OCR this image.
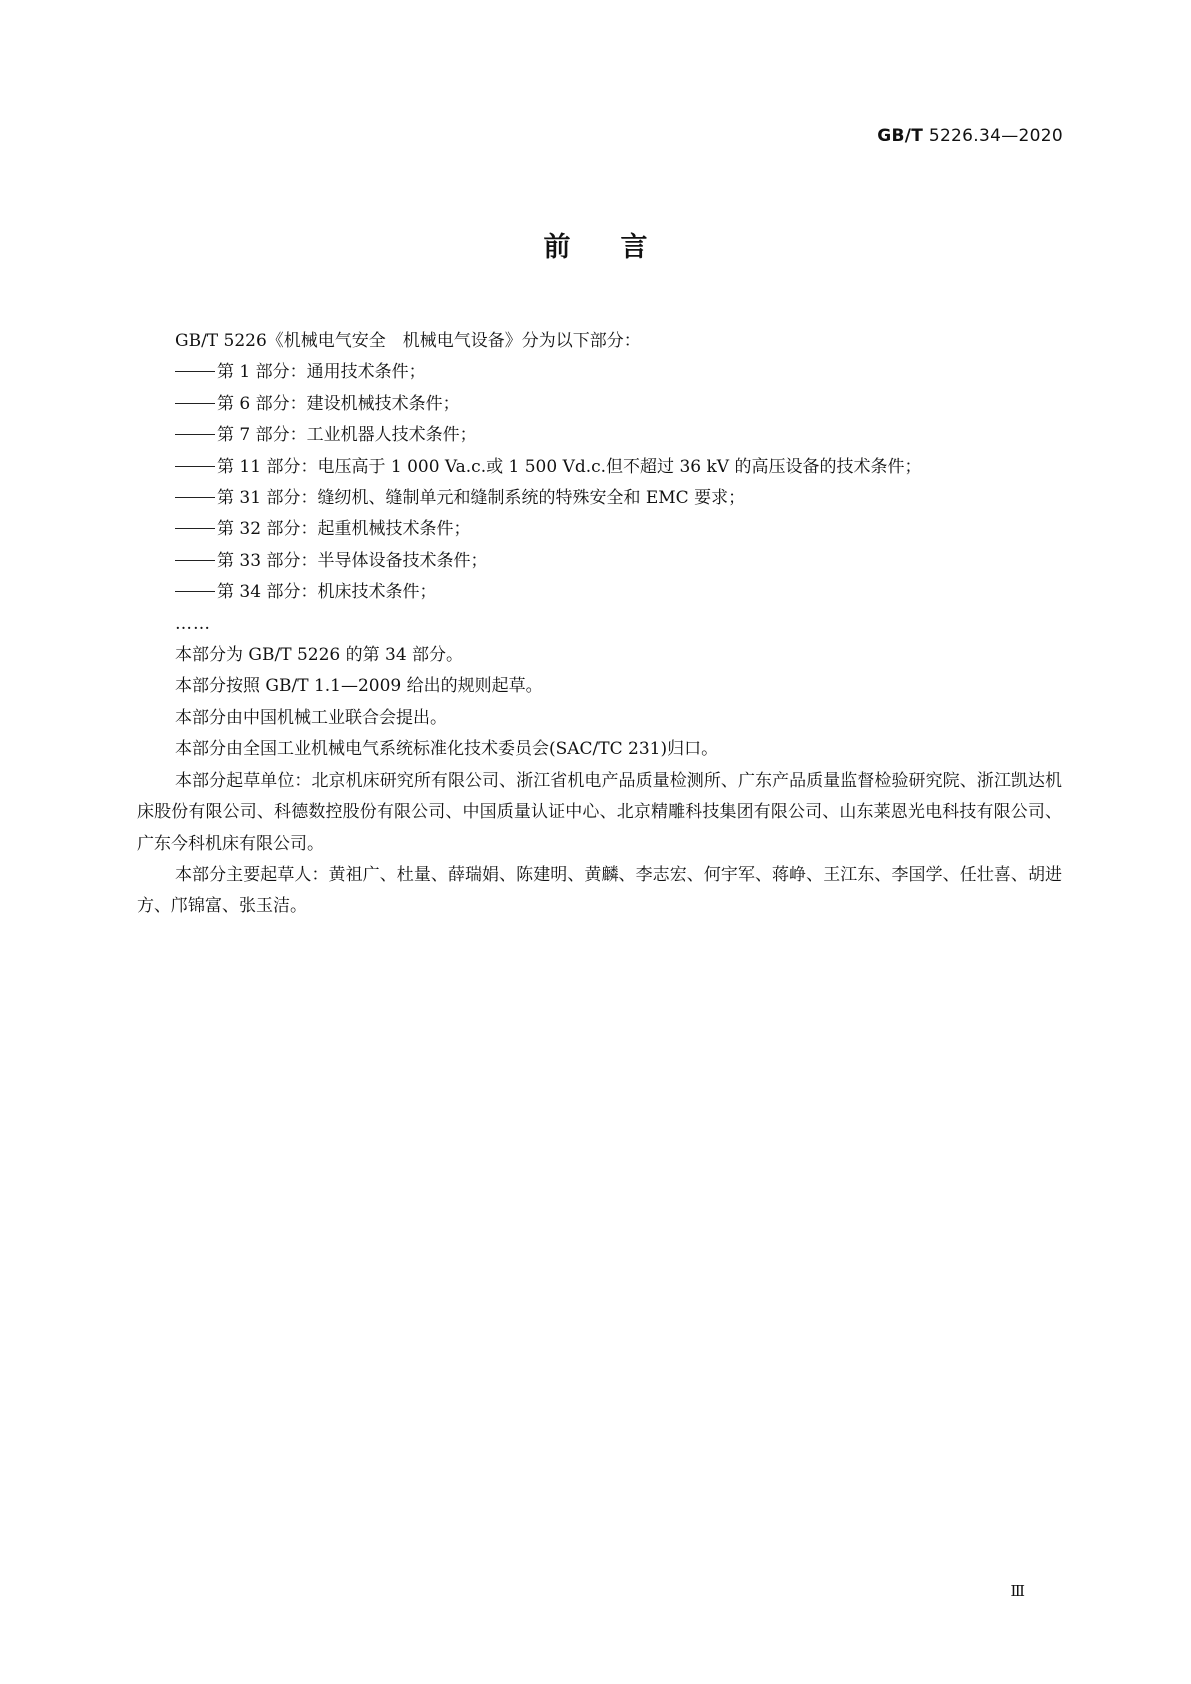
GB/T 5226.34—2020
前言

GB/T 5226《机械电气安全　机械电气设备》分为以下部分：

第 1 部分：通用技术条件；

第 6 部分：建设机械技术条件；

第 7 部分：工业机器人技术条件；

第 11 部分：电压高于 1 000 Va.c.或 1 500 Vd.c.但不超过 36 kV 的高压设备的技术条件；

第 31 部分：缝纫机、缝制单元和缝制系统的特殊安全和 EMC 要求；

第 32 部分：起重机械技术条件；

第 33 部分：半导体设备技术条件；

第 34 部分：机床技术条件；

……

本部分为 GB/T 5226 的第 34 部分。

本部分按照 GB/T 1.1—2009 给出的规则起草。

本部分由中国机械工业联合会提出。

本部分由全国工业机械电气系统标准化技术委员会(SAC/TC 231)归口。

本部分起草单位：北京机床研究所有限公司、浙江省机电产品质量检测所、广东产品质量监督检验研究院、浙江凯达机床股份有限公司、科德数控股份有限公司、中国质量认证中心、北京精雕科技集团有限公司、山东莱恩光电科技有限公司、广东今科机床有限公司。

本部分主要起草人：黄祖广、杜量、薛瑞娟、陈建明、黄麟、李志宏、何宇军、蒋峥、王江东、李国学、任壮喜、胡进方、邝锦富、张玉洁。

Ⅲ
